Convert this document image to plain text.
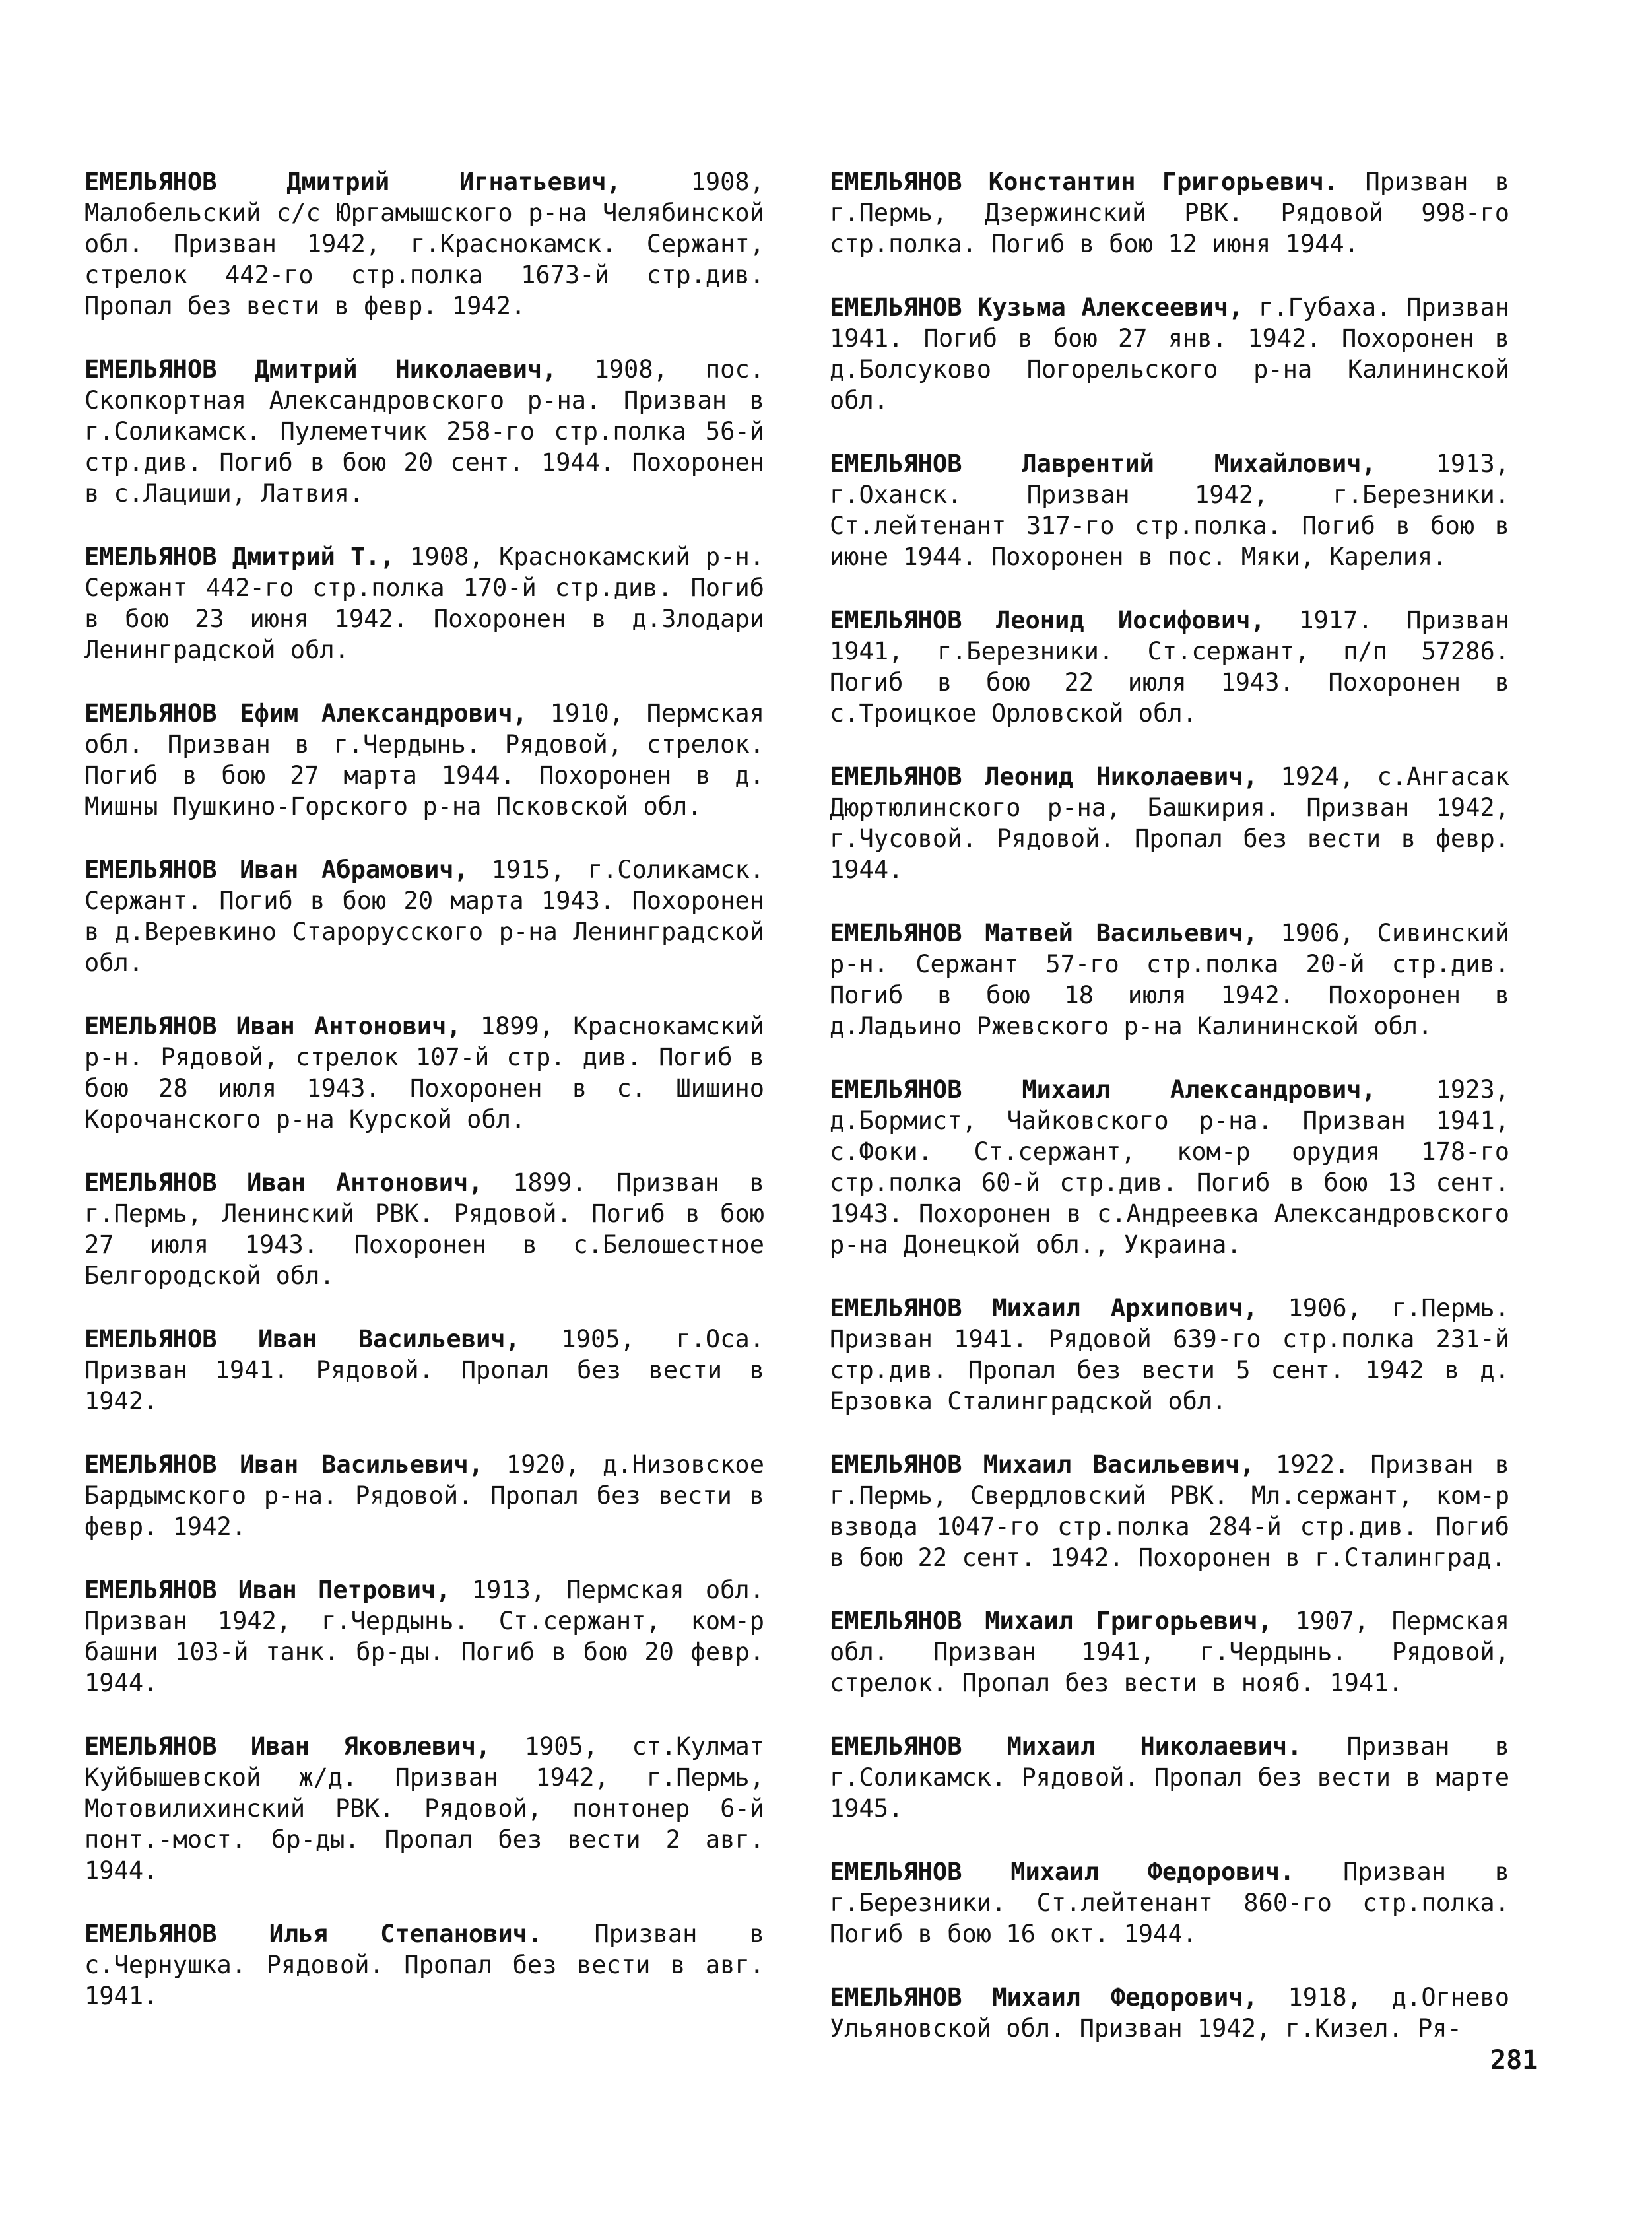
ЕМЕЛЬЯНОВ	Дмитрий Игнатьевич,	1908, Малобельский с/с Юргамышского р-на Челябинской обл. Призван 1942, г.Краснокамск. Сержант, стрелок 442-го стр.полка 1673-й стр.див. Пропал без вести в февр. 1942.

ЕМЕЛЬЯНОВ Дмитрий Николаевич, 1908, пос. Скопкортная Александровского р-на. Призван в г.Соликамск. Пулеметчик 258-го стр.полка 56-й стр.див. Погиб в бою 20 сент. 1944. Похоронен в с.Лациши, Латвия.

ЕМЕЛЬЯНОВ Дмитрий Т., 1908, Краснокамский р-н. Сержант 442-го стр.полка 170-й стр.див. Погиб в бою 23 июня 1942. Похоронен в д.Злодари Ленинградской обл.

ЕМЕЛЬЯНОВ Ефим Александрович, 1910, Пермская обл. Призван в г.Чердынь. Рядовой, стрелок. Погиб в бою 27 марта 1944. Похоронен в д. Мишны Пушкино-Горского р-на Псковской обл.

ЕМЕЛЬЯНОВ Иван Абрамович, 1915, г.Соликамск. Сержант. Погиб в бою 20 марта 1943. Похоронен в д.Веревкино Старорусского р-на Ленинградской обл.

ЕМЕЛЬЯНОВ Иван Антонович, 1899, Краснокамский р-н. Рядовой, стрелок 107-й стр. див. Погиб в бою 28 июля 1943. Похоронен в с. Шишино Корочанского р-на Курской обл.

ЕМЕЛЬЯНОВ Иван Антонович, 1899. Призван в г.Пермь, Ленинский РВК. Рядовой. Погиб в бою 27 июля 1943. Похоронен в с.Белошестное Белгородской обл.

ЕМЕЛЬЯНОВ Иван Васильевич, 1905, г.Оса. Призван 1941. Рядовой. Пропал без вести в 1942.

ЕМЕЛЬЯНОВ Иван Васильевич, 1920, д.Низовское Бардымского р-на. Рядовой. Пропал без вести в февр. 1942.

ЕМЕЛЬЯНОВ Иван Петрович, 1913, Пермская обл. Призван 1942, г.Чердынь. Ст.сержант, ком-р башни 103-й танк. бр-ды. Погиб в бою 20 февр. 1944.

ЕМЕЛЬЯНОВ Иван Яковлевич, 1905, ст.Кулмат Куйбышевской ж/д. Призван 1942, г.Пермь, Мотовилихинский РВК. Рядовой, понтонер 6-й понт.-мост. бр-ды. Пропал без вести 2 авг. 1944.

ЕМЕЛЬЯНОВ Илья Степанович. Призван в с.Чернушка. Рядовой. Пропал без вести в авг. 1941.

ЕМЕЛЬЯНОВ Константин Григорьевич. Призван в г.Пермь, Дзержинский РВК. Рядовой 998-го стр.полка. Погиб в бою 12 июня 1944.

ЕМЕЛЬЯНОВ Кузьма Алексеевич, г.Губаха. Призван 1941. Погиб в бою 27 янв. 1942. Похоронен в д.Болсуково Погорельского р-на Калининской обл.

ЕМЕЛЬЯНОВ Лаврентий Михайлович, 1913, г.Оханск. Призван 1942, г.Березники. Ст.лейтенант 317-го стр.полка. Погиб в бою в июне 1944. Похоронен в пос. Мяки, Карелия.

ЕМЕЛЬЯНОВ Леонид Иосифович, 1917. Призван 1941, г.Березники. Ст.сержант, п/п 57286. Погиб в бою 22 июля 1943. Похоронен в с.Троицкое Орловской обл.

ЕМЕЛЬЯНОВ Леонид Николаевич, 1924, с.Ангасак Дюртюлинского р-на, Башкирия. Призван 1942, г.Чусовой. Рядовой. Пропал без вести в февр. 1944.

ЕМЕЛЬЯНОВ Матвей Васильевич, 1906, Сивинский р-н. Сержант 57-го стр.полка 20-й стр.див. Погиб в бою 18 июля 1942. Похоронен в д.Ладьино Ржевского р-на Калининской обл.

ЕМЕЛЬЯНОВ Михаил Александрович, 1923, д.Бормист, Чайковского р-на. Призван 1941, с.Фоки. Ст.сержант, ком-р орудия 178-го стр.полка 60-й стр.див. Погиб в бою 13 сент. 1943. Похоронен в с.Андреевка Александровского р-на Донецкой обл., Украина.

ЕМЕЛЬЯНОВ Михаил Архипович, 1906, г.Пермь. Призван 1941. Рядовой 639-го стр.полка 231-й стр.див. Пропал без вести 5 сент. 1942 в д. Ерзовка Сталинградской обл.

ЕМЕЛЬЯНОВ Михаил Васильевич, 1922. Призван в г.Пермь, Свердловский РВК. Мл.сержант, ком-р взвода 1047-го стр.полка 284-й стр.див. Погиб в бою 22 сент. 1942. Похоронен в г.Сталинград.

ЕМЕЛЬЯНОВ Михаил Григорьевич, 1907, Пермская обл. Призван 1941, г.Чердынь. Рядовой, стрелок. Пропал без вести в нояб. 1941.

ЕМЕЛЬЯНОВ Михаил Николаевич. Призван в г.Соликамск. Рядовой. Пропал без вести в марте 1945.

ЕМЕЛЬЯНОВ Михаил Федорович. Призван в г.Березники. Ст.лейтенант 860-го стр.полка. Погиб в бою 16 окт. 1944.

ЕМЕЛЬЯНОВ Михаил Федорович, 1918, д.Огнево Ульяновской обл. Призван 1942, г.Кизел. Ря-

281
